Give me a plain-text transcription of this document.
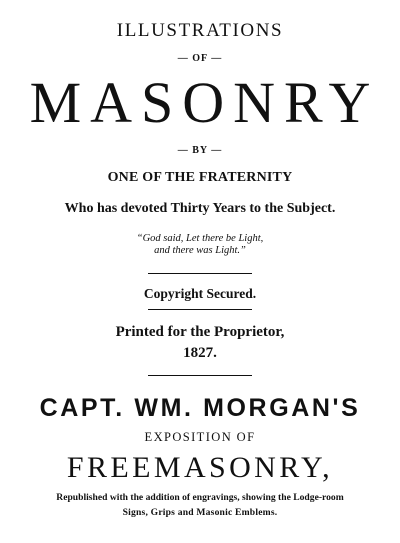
ILLUSTRATIONS
— OF —
MASONRY
— BY —
ONE OF THE FRATERNITY
Who has devoted Thirty Years to the Subject.
“God said, Let there be Light,
and there was Light.”
Copyright Secured.
Printed for the Proprietor,
1827.
CAPT. WM. MORGAN'S
EXPOSITION OF
FREEMASONRY,
Republished with the addition of engravings, showing the Lodge-room
Signs, Grips and Masonic Emblems.
